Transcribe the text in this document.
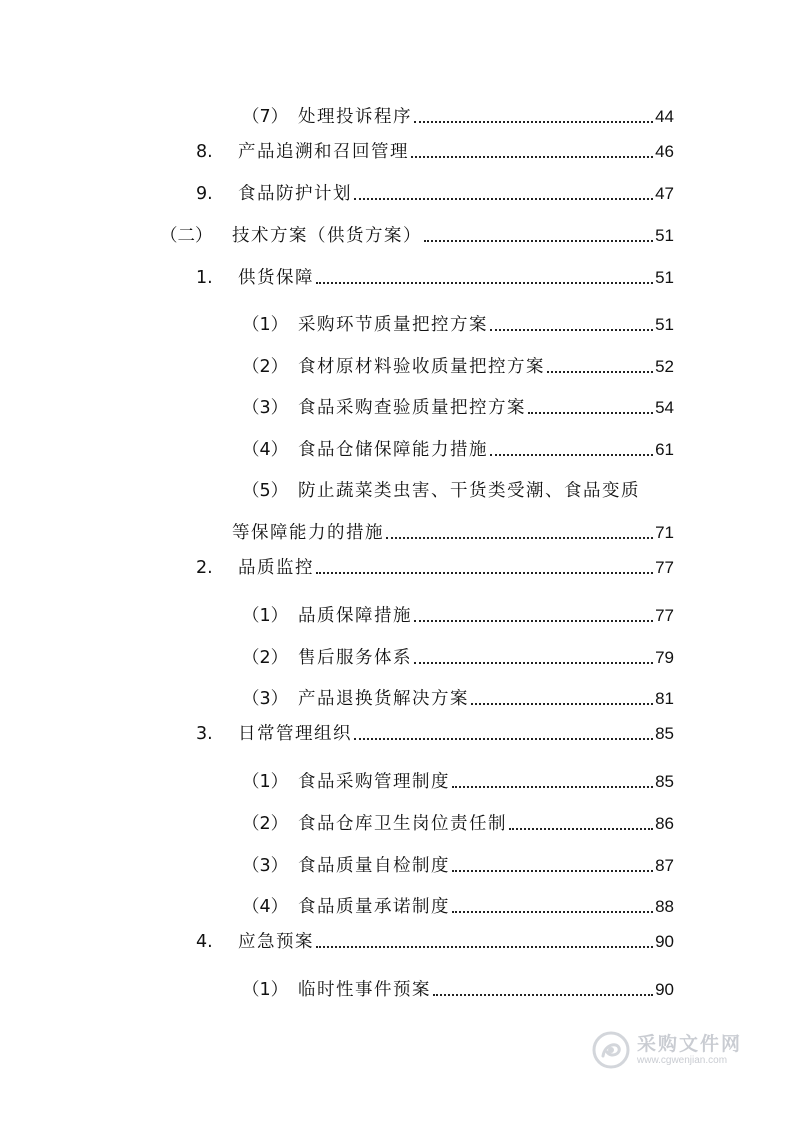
（7） 处理投诉程序	44
8.	产品追溯和召回管理	46
9.	食品防护计划	47
（二）	技术方案（供货方案）	51
1.	供货保障	51
（1） 采购环节质量把控方案	51
（2） 食材原材料验收质量把控方案	52
（3） 食品采购查验质量把控方案	54
（4） 食品仓储保障能力措施	61
（5） 防止蔬菜类虫害、干货类受潮、食品变质
等保障能力的措施	71
2.	品质监控	77
（1） 品质保障措施	77
（2） 售后服务体系	79
（3） 产品退换货解决方案	81
3.	日常管理组织	85
（1） 食品采购管理制度	85
（2） 食品仓库卫生岗位责任制	86
（3） 食品质量自检制度	87
（4） 食品质量承诺制度	88
4.	应急预案	90
（1） 临时性事件预案	90
采购文件网
www.cgwenjian.com
